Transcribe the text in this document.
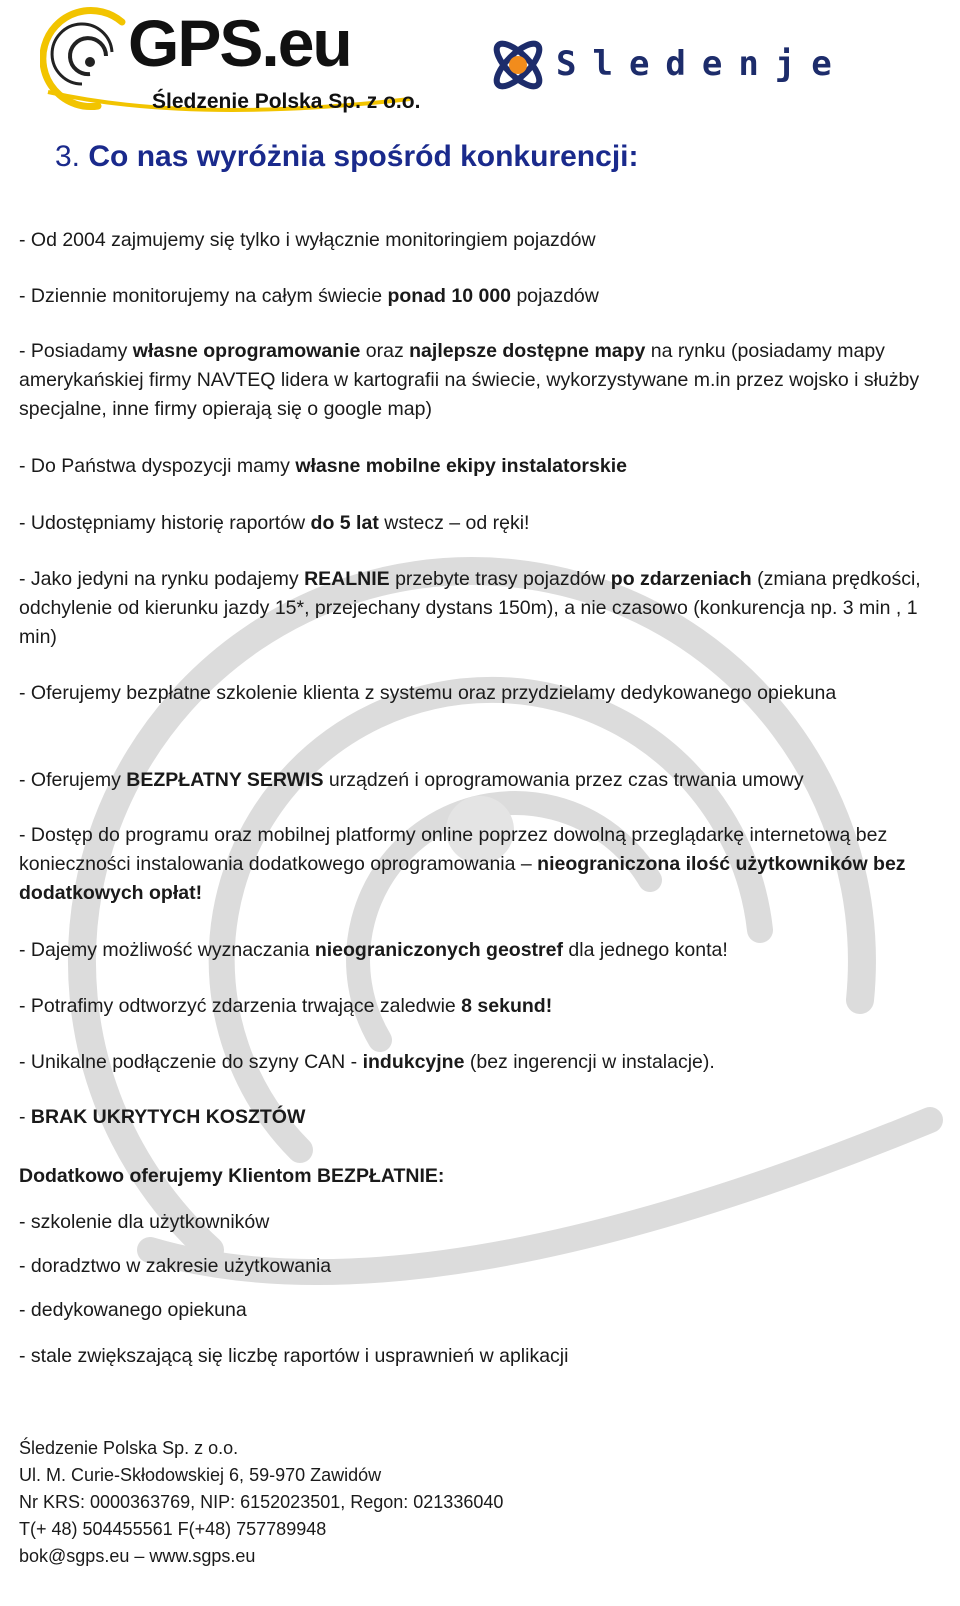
GPS.eu
Śledzenie Polska Sp. z o.o.
Sledenje
3. Co nas wyróżnia spośród konkurencji:
- Od 2004 zajmujemy się tylko i wyłącznie monitoringiem pojazdów
- Dziennie monitorujemy na całym świecie ponad 10 000 pojazdów
- Posiadamy własne oprogramowanie oraz najlepsze dostępne mapy na rynku (posiadamy mapy amerykańskiej firmy NAVTEQ lidera w kartografii na świecie, wykorzystywane m.in przez wojsko i służby specjalne, inne firmy opierają się o google map)
- Do Państwa dyspozycji mamy własne mobilne ekipy instalatorskie
- Udostępniamy historię raportów do 5 lat wstecz – od ręki!
- Jako jedyni na rynku podajemy REALNIE przebyte trasy pojazdów po zdarzeniach (zmiana prędkości, odchylenie od kierunku jazdy 15*, przejechany dystans 150m), a nie czasowo (konkurencja np. 3 min , 1 min)
- Oferujemy bezpłatne szkolenie klienta z systemu oraz przydzielamy dedykowanego opiekuna
- Oferujemy BEZPŁATNY SERWIS urządzeń i oprogramowania przez czas trwania umowy
- Dostęp do programu oraz mobilnej platformy online poprzez dowolną przeglądarkę internetową bez konieczności instalowania dodatkowego oprogramowania – nieograniczona ilość użytkowników bez dodatkowych opłat!
- Dajemy możliwość wyznaczania nieograniczonych geostref dla jednego konta!
- Potrafimy odtworzyć zdarzenia trwające zaledwie 8 sekund!
- Unikalne podłączenie do szyny CAN - indukcyjne (bez ingerencji w instalacje).
- BRAK UKRYTYCH KOSZTÓW
Dodatkowo oferujemy Klientom BEZPŁATNIE:
- szkolenie dla użytkowników
- doradztwo w zakresie użytkowania
- dedykowanego opiekuna
- stale zwiększającą się liczbę raportów i usprawnień w aplikacji
Śledzenie Polska Sp. z o.o.
Ul. M. Curie-Skłodowskiej 6, 59-970 Zawidów
Nr KRS: 0000363769, NIP: 6152023501, Regon: 021336040
T(+ 48) 504455561 F(+48) 757789948
bok@sgps.eu – www.sgps.eu
